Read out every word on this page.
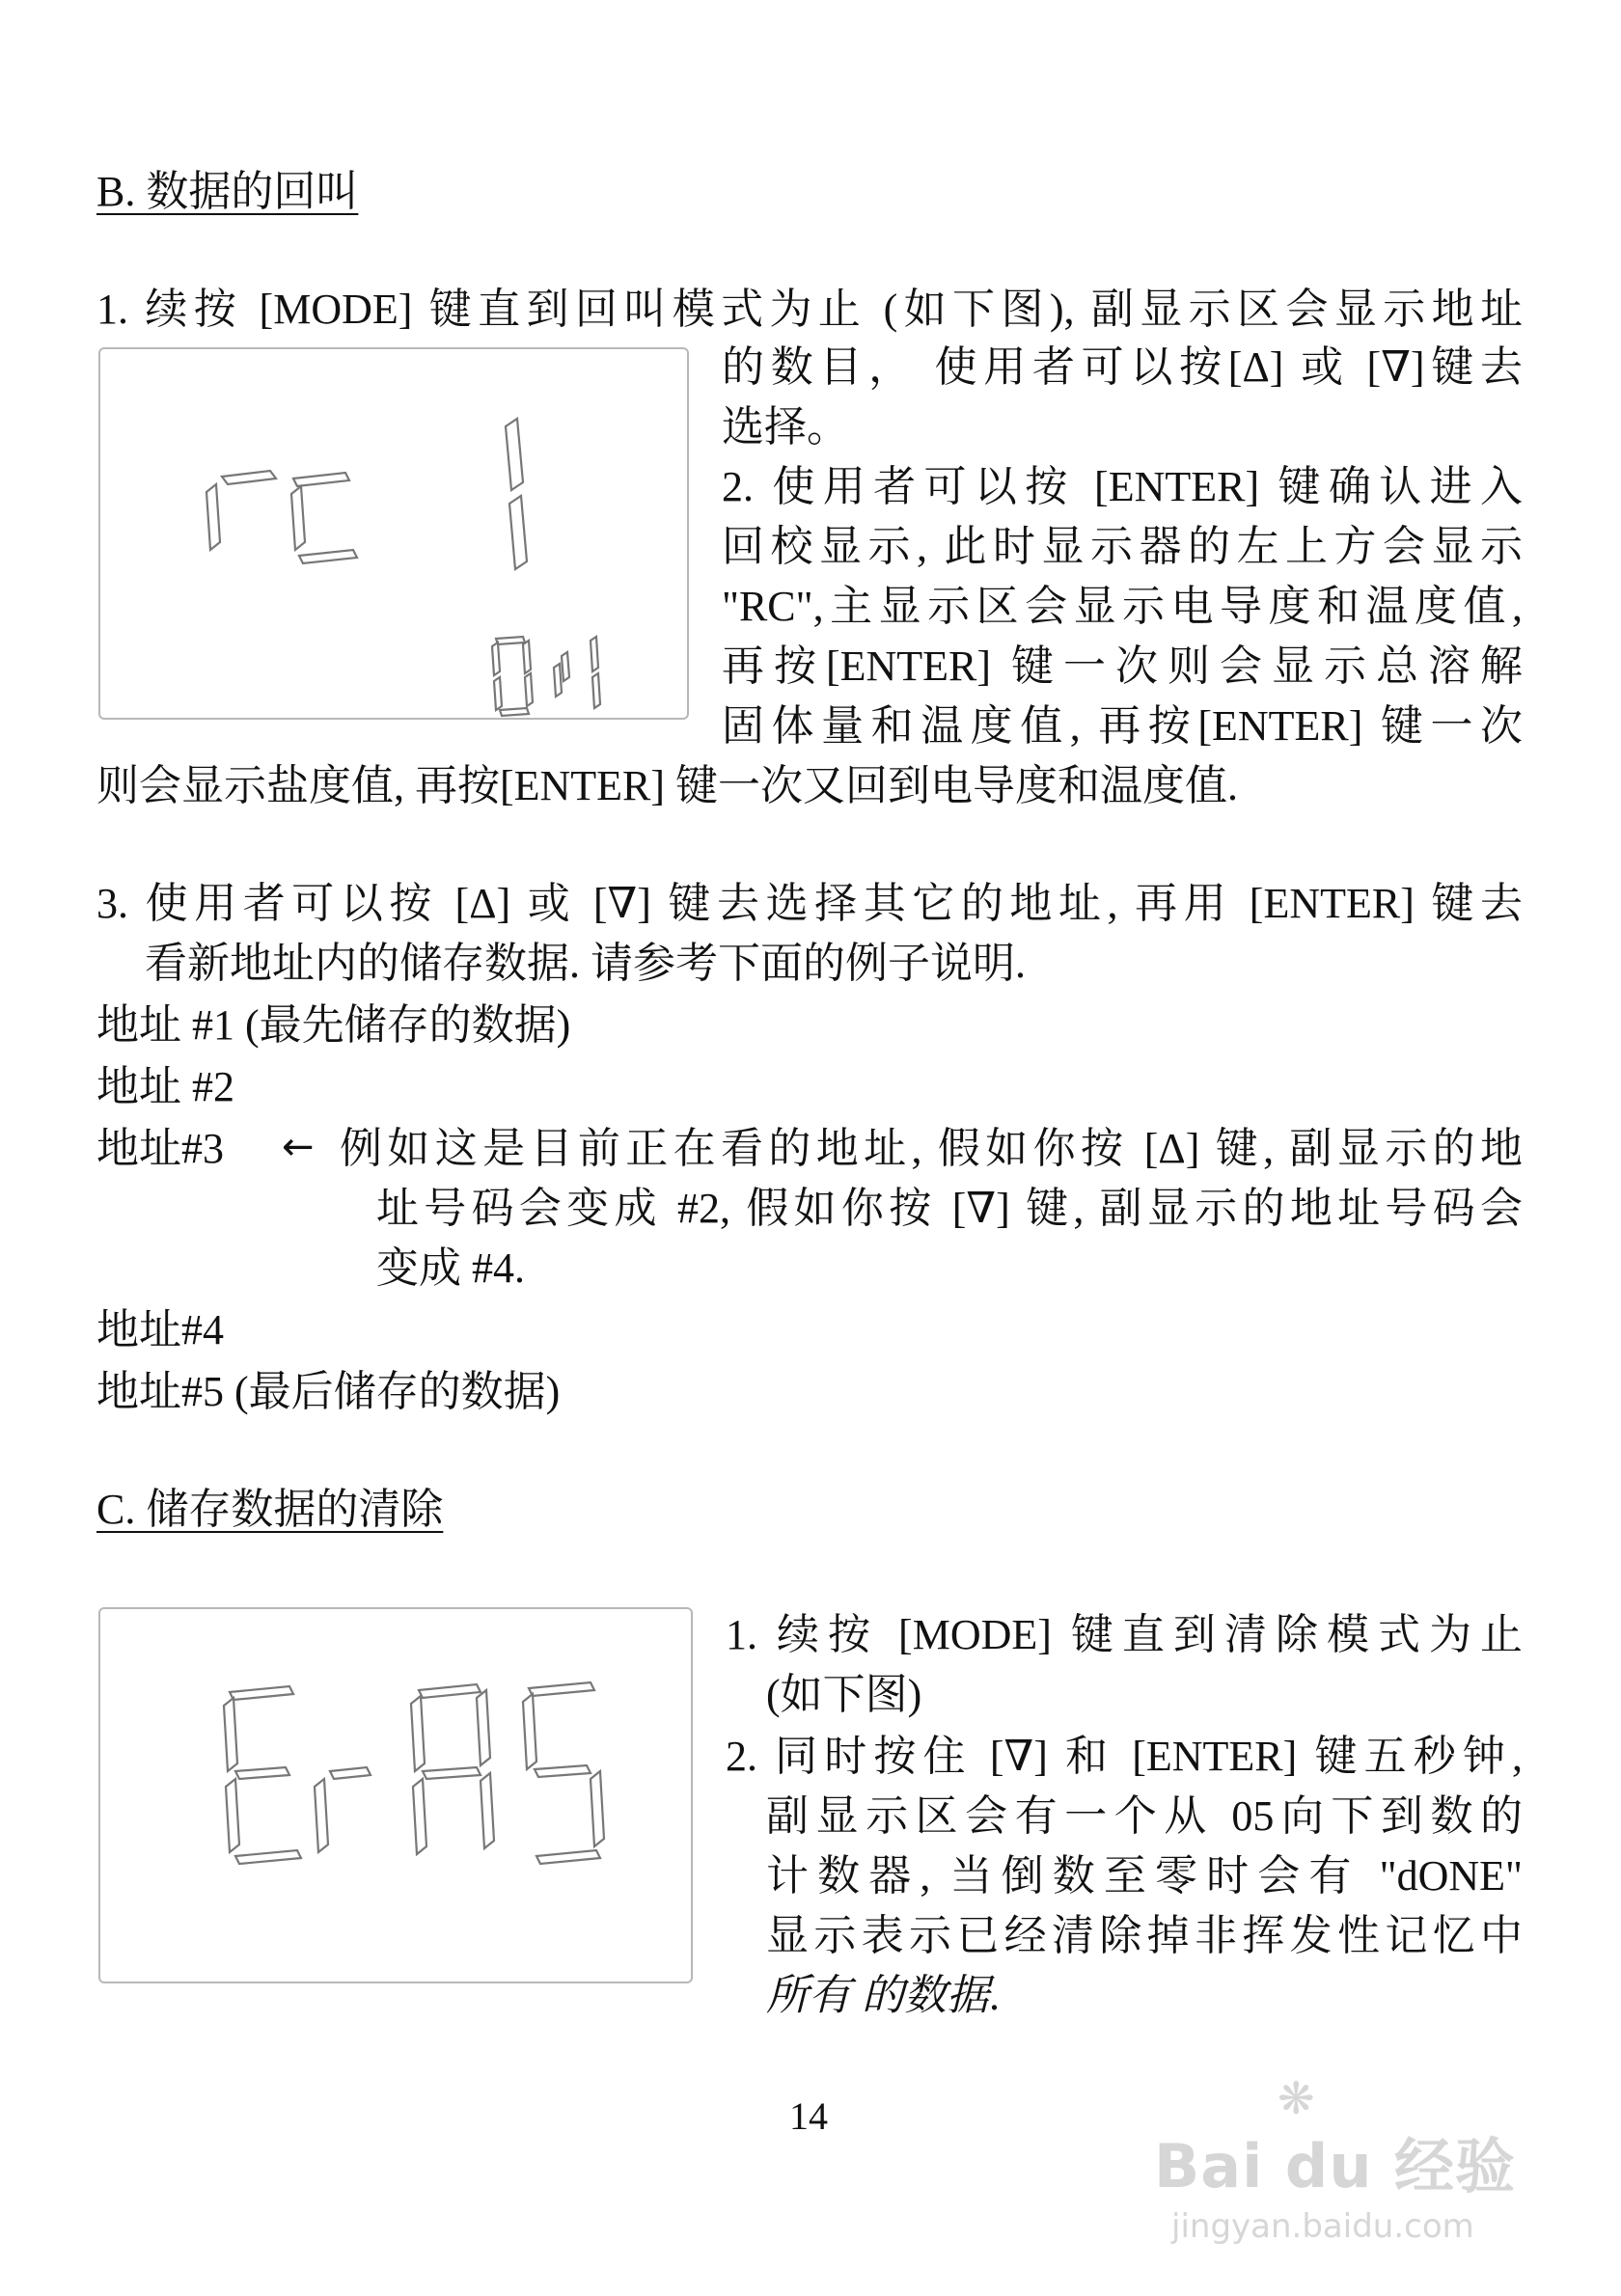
B. 数据的回叫
1. 续按 [MODE] 键直到回叫模式为止 (如下图), 副显示区会显示地址
的数目， 使用者可以按[Δ] 或 [∇]键去
选择。
2. 使用者可以按 [ENTER] 键确认进入
回校显示, 此时显示器的左上方会显示
"RC",主显示区会显示电导度和温度值,
再按[ENTER] 键一次则会显示总溶解
固体量和温度值, 再按[ENTER] 键一次
则会显示盐度值, 再按[ENTER] 键一次又回到电导度和温度值.
3. 使用者可以按 [Δ] 或 [∇] 键去选择其它的地址, 再用 [ENTER] 键去
看新地址内的储存数据. 请参考下面的例子说明.
地址 #1 (最先储存的数据)
地址 #2
地址#3 ← 例如这是目前正在看的地址, 假如你按 [Δ] 键, 副显示的地
址号码会变成 #2, 假如你按 [∇] 键, 副显示的地址号码会
变成 #4.
地址#4
地址#5 (最后储存的数据)
C. 储存数据的清除
1. 续按 [MODE] 键直到清除模式为止
(如下图)
2. 同时按住 [∇] 和 [ENTER] 键五秒钟,
副显示区会有一个从 05向下到数的
计数器, 当倒数至零时会有 "dONE"
显示表示已经清除掉非挥发性记忆中
所有 的数据.
14	❋
Bai du 经验
jingyan.baidu.com
